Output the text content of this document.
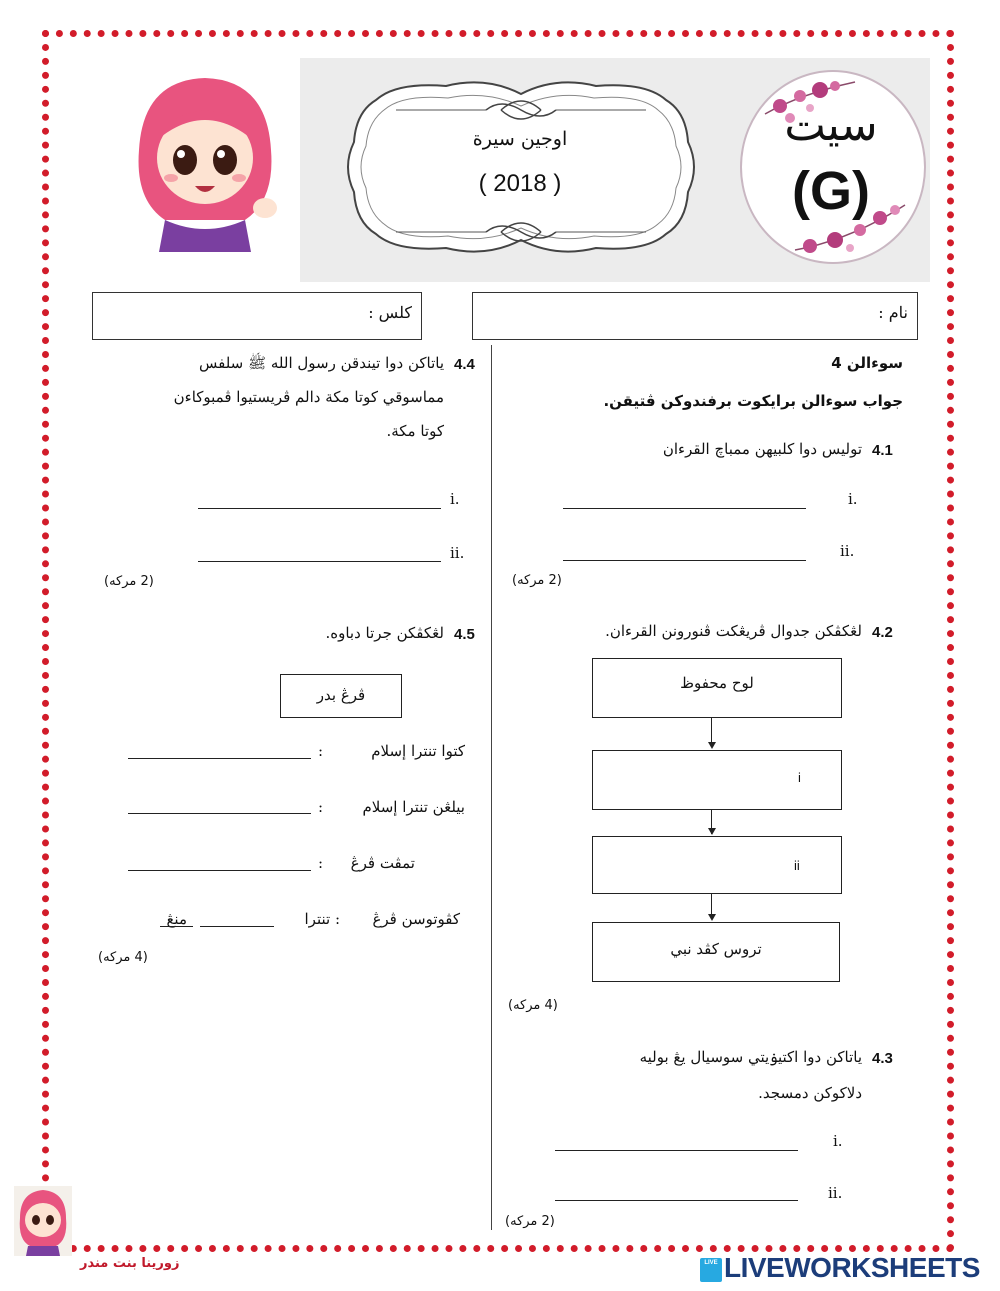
اوجين سيرة
( 2018 )
سيت
(G)
كلس :	نام :
سوءالن 4
جواب سوءالن برايكوت برفندوكن ڤتيقن.
4.1
توليس دوا كلبيهن ممباچ القرءان
i.
ii.
(2 مركه)
4.2
لڠكڤكن جدوال ڤريڠكت ڤنورونن القرءان.
لوح محفوظ
i
ii
تروس كڤد نبي
(4 مركه)
4.3
ياتاكن دوا اكتيۏيتي سوسيال يڠ بوليه
دلاكوكن دمسجد.
i.
ii.
(2 مركه)
4.4
ياتاكن دوا تيندقن رسول الله ﷺ سلفس
مماسوقي كوتا مكة دالم ڤريستيوا ڤمبوكاءن
كوتا مكة.
i.
ii.
(2 مركه)
4.5
لڠكڤكن جرتا دباوه.
ڤرڠ بدر
كتوا تنترا إسلام
:
بيلڠن تنترا إسلام
:
تمڤت ڤرڠ
:
كڤوتوسن ڤرڠ
: تنترا
منڠ
(4 مركه)
زورينا بنت مندر	LIVE LIVEWORKSHEETS
